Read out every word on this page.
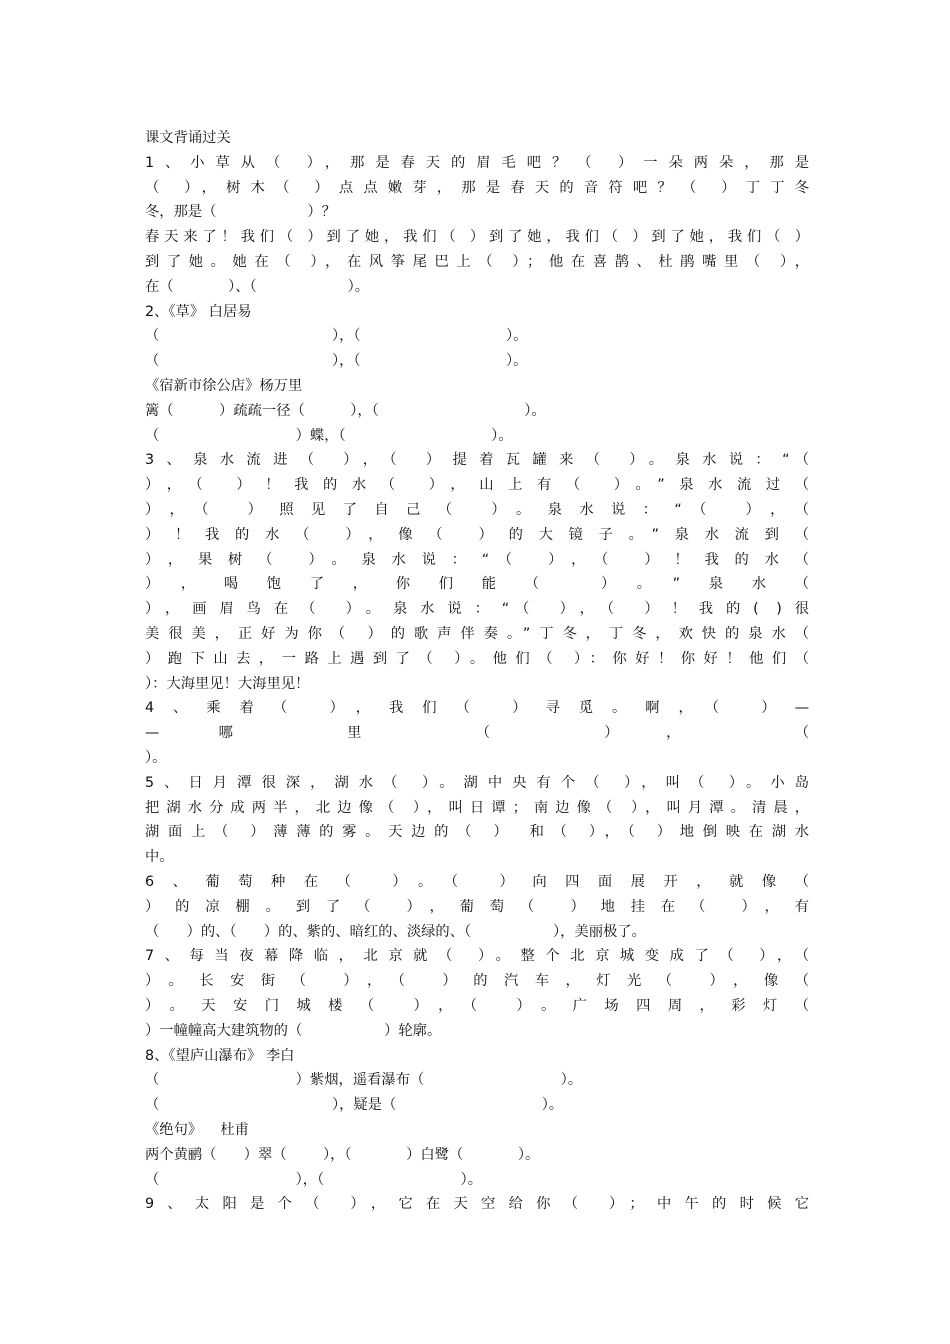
课文背诵过关
1、小草从（ ），那是春天的眉毛吧？（ ）一朵两朵，那是
（ ），树木（ ）点点嫩芽，那是春天的音符吧？（ ）丁丁冬
冬，那是（                    ）？
春天来了！我们（ ）到了她，我们（ ）到了她，我们（ ）到了她，我们（ ）
到了她。她在（ ），在风筝尾巴上（ ）；他在喜鹊、杜鹃嘴里（ ），
在（            ）、（                    ）。
2、《草》 白居易
（                                      ），（                                ）。
（                                      ），（                                ）。
《宿新市徐公店》杨万里
篱（          ）疏疏一径（          ），（                                ）。
（                              ）蝶，（                                ）。
3、泉水流进（ ），（ ）提着瓦罐来（ ）。泉水说：“（
），（ ）！我的水（ ），山上有（ ）。”泉水流过（
），（ ）照见了自己（ ）。泉水说：“（ ），（
）！我的水（ ），像（ ）的大镜子。”泉水流到（
），果树（ ）。泉水说：“（ ），（ ）！我的水（
），喝饱了，你们能（ ）。”泉水（
），画眉鸟在（ ）。泉水说：“（ ），（ ）！我的( )很
美很美，正好为你（ ）的歌声伴奏。”丁冬，丁冬，欢快的泉水（
）跑下山去，一路上遇到了（ ）。他们（ ）：你好！你好！他们（
）：大海里见！大海里见！
4、乘着（ ），我们（ ）寻觅。啊，（ ）—
— 哪 里 （ ）， （
）。
5、日月潭很深，湖水（ ）。湖中央有个（ ），叫（ ）。小岛
把湖水分成两半，北边像（ ），叫日谭；南边像（ ），叫月潭。清晨，
湖面上（ ）薄薄的雾。天边的（ ） 和（ ），（ ）地倒映在湖水
中。
6、葡萄种在（ ）。（ ）向四面展开，就像（
）的凉棚。到了（ ），葡萄（ ）地挂在（ ），有
（      ）的、（      ）的、紫的、暗红的、淡绿的、（                  ），美丽极了。
7、每当夜幕降临，北京就（ ）。整个北京城变成了（ ），（
）。长安街（ ），（ ）的汽车，灯光（ ），像（
）。天安门城楼（ ），（ ）。广场四周，彩灯（
）一幢幢高大建筑物的（                  ）轮廓。
8、《望庐山瀑布》 李白
（                              ）紫烟，遥看瀑布（                              ）。
（                                      ），疑是（                                ）。
《绝句》    杜甫
两个黄鹂（      ）翠（        ），（            ）白鹭（            ）。
（                              ），（                              ）。
9、太阳是个（ ），它在天空给你（ ）；中午的时候它
